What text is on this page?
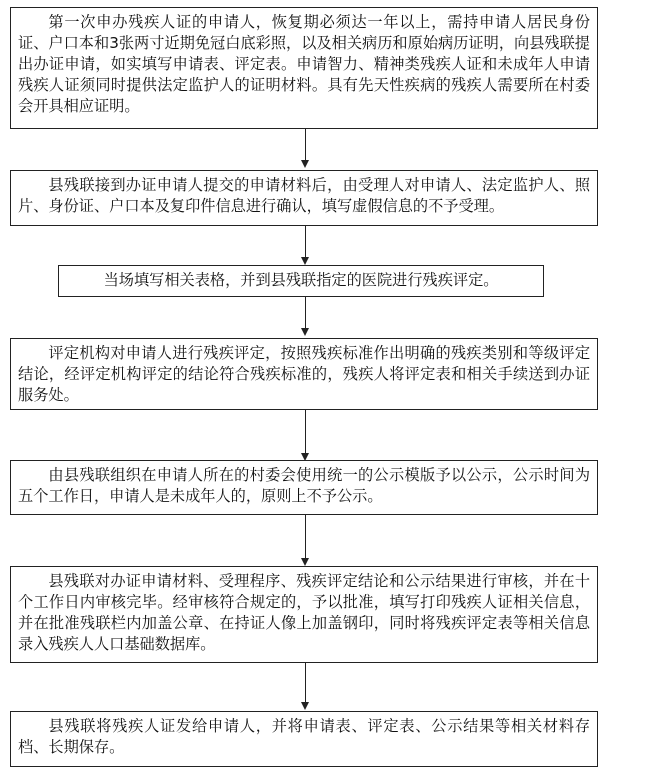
第一次申办残疾人证的申请人，恢复期必须达一年以上，需持申请人居民身份证、户口本和3张两寸近期免冠白底彩照，以及相关病历和原始病历证明，向县残联提出办证申请，如实填写申请表、评定表。申请智力、精神类残疾人证和未成年人申请残疾人证须同时提供法定监护人的证明材料。具有先天性疾病的残疾人需要所在村委会开具相应证明。

县残联接到办证申请人提交的申请材料后，由受理人对申请人、法定监护人、照片、身份证、户口本及复印件信息进行确认，填写虚假信息的不予受理。

当场填写相关表格，并到县残联指定的医院进行残疾评定。

评定机构对申请人进行残疾评定，按照残疾标准作出明确的残疾类别和等级评定结论，经评定机构评定的结论符合残疾标准的，残疾人将评定表和相关手续送到办证服务处。

由县残联组织在申请人所在的村委会使用统一的公示模版予以公示，公示时间为五个工作日，申请人是未成年人的，原则上不予公示。

县残联对办证申请材料、受理程序、残疾评定结论和公示结果进行审核，并在十个工作日内审核完毕。经审核符合规定的，予以批准，填写打印残疾人证相关信息，并在批准残联栏内加盖公章、在持证人像上加盖钢印，同时将残疾评定表等相关信息录入残疾人人口基础数据库。

县残联将残疾人证发给申请人，并将申请表、评定表、公示结果等相关材料存档、长期保存。
